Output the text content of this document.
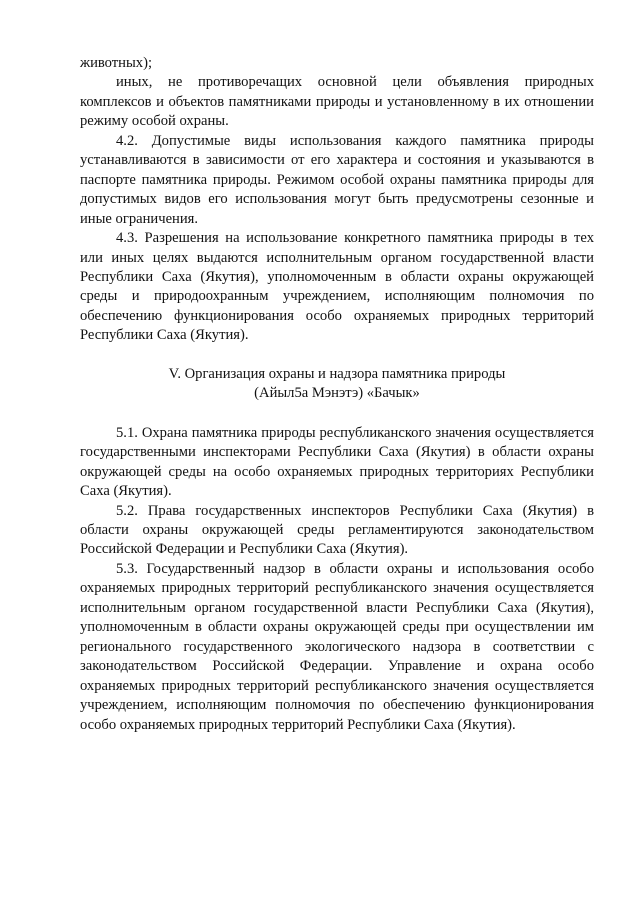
животных);

иных, не противоречащих основной цели объявления природных комплексов и объектов памятниками природы и установленному в их отношении режиму особой охраны.

4.2. Допустимые виды использования каждого памятника природы устанавливаются в зависимости от его характера и состояния и указываются в паспорте памятника природы. Режимом особой охраны памятника природы для допустимых видов его использования могут быть предусмотрены сезонные и иные ограничения.

4.3. Разрешения на использование конкретного памятника природы в тех или иных целях выдаются исполнительным органом государственной власти Республики Саха (Якутия), уполномоченным в области охраны окружающей среды и природоохранным учреждением, исполняющим полномочия по обеспечению функционирования особо охраняемых природных территорий Республики Саха (Якутия).

V. Организация охраны и надзора памятника природы
(Айыл5а Мэнэтэ) «Бачык»

5.1. Охрана памятника природы республиканского значения осуществляется государственными инспекторами Республики Саха (Якутия) в области охраны окружающей среды на особо охраняемых природных территориях Республики Саха (Якутия).

5.2. Права государственных инспекторов Республики Саха (Якутия) в области охраны окружающей среды регламентируются законодательством Российской Федерации и Республики Саха (Якутия).

5.3. Государственный надзор в области охраны и использования особо охраняемых природных территорий республиканского значения осуществляется исполнительным органом государственной власти Республики Саха (Якутия), уполномоченным в области охраны окружающей среды при осуществлении им регионального государственного экологического надзора в соответствии с законодательством Российской Федерации. Управление и охрана особо охраняемых природных территорий республиканского значения осуществляется учреждением, исполняющим полномочия по обеспечению функционирования особо охраняемых природных территорий Республики Саха (Якутия).
